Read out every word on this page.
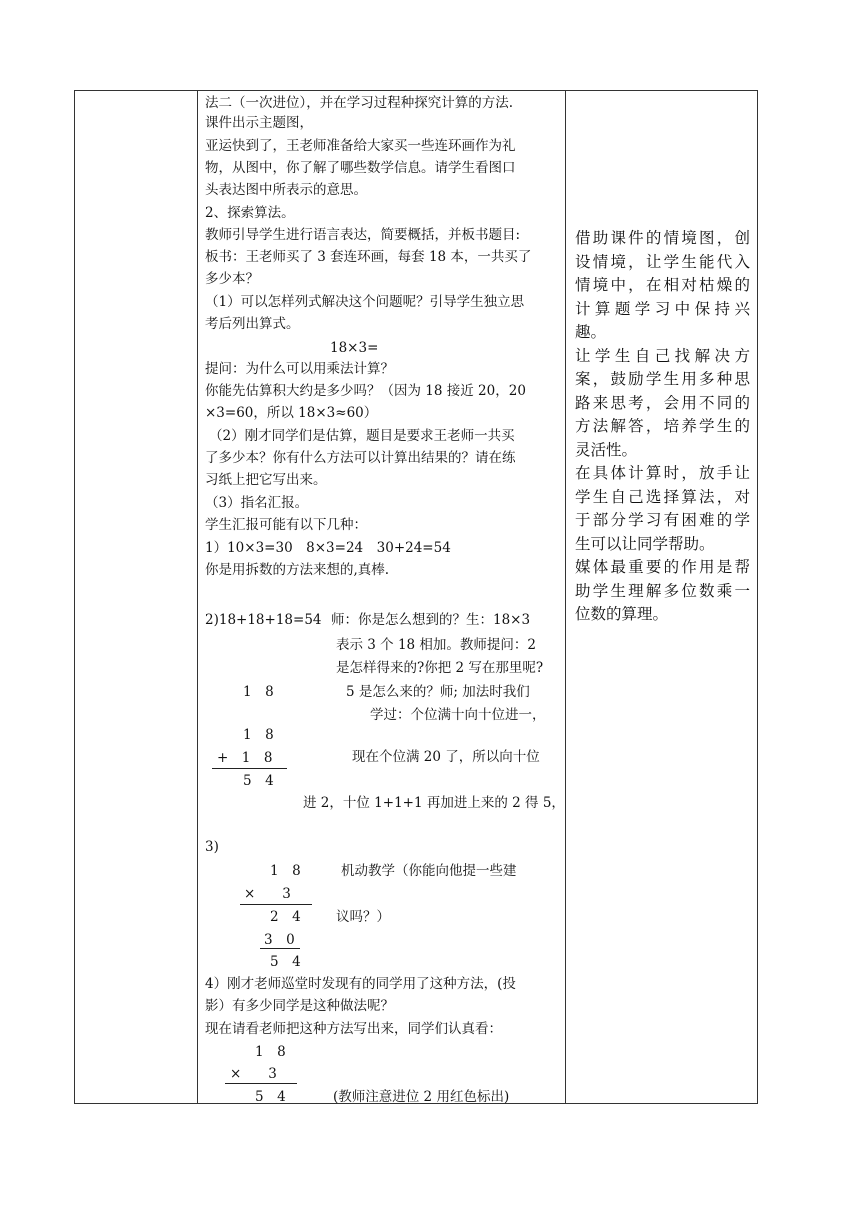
法二（一次进位），并在学习过程种探究计算的方法.
课件出示主题图，
亚运快到了，王老师准备给大家买一些连环画作为礼
物，从图中，你了解了哪些数学信息。请学生看图口
头表达图中所表示的意思。
2、探索算法。
教师引导学生进行语言表达，简要概括，并板书题目:
板书：王老师买了 3 套连环画，每套 18 本，一共买了
多少本？
（1）可以怎样列式解决这个问题呢？引导学生独立思
考后列出算式。
18×3=
提问：为什么可以用乘法计算？
你能先估算积大约是多少吗？（因为 18 接近 20，20
×3=60，所以 18×3≈60）
（2）刚才同学们是估算，题目是要求王老师一共买
了多少本？你有什么方法可以计算出结果的？请在练
习纸上把它写出来。
（3）指名汇报。
学生汇报可能有以下几种：
1）10×3=30　8×3=24　30+24=54
你是用拆数的方法来想的,真棒.
2)18+18+18=54 师：你是怎么想到的？生：18×3
表示 3 个 18 相加。教师提问：2
是怎样得来的?你把 2 写在那里呢?
5 是怎么来的？师; 加法时我们
学过：个位满十向十位进一，
现在个位满 20 了，所以向十位
进 2，十位 1+1+1 再加进上来的 2 得 5，
1　8
1　8
+　1　8
5　4
3)
1　8	机动教学（你能向他提一些建
×　　3
2　4	议吗？）
3　0
5　4
4）刚才老师巡堂时发现有的同学用了这种方法，(投
影）有多少同学是这种做法呢？
现在请看老师把这种方法写出来，同学们认真看：
1　8
×　　3
5　4	(教师注意进位 2 用红色标出)
借助课件的情境图，创
设情境，让学生能代入
情境中，在相对枯燥的
计算题学习中保持兴
趣。
让学生自己找解决方
案，鼓励学生用多种思
路来思考，会用不同的
方法解答，培养学生的
灵活性。
在具体计算时，放手让
学生自己选择算法，对
于部分学习有困难的学
生可以让同学帮助。
媒体最重要的作用是帮
助学生理解多位数乘一
位数的算理。
